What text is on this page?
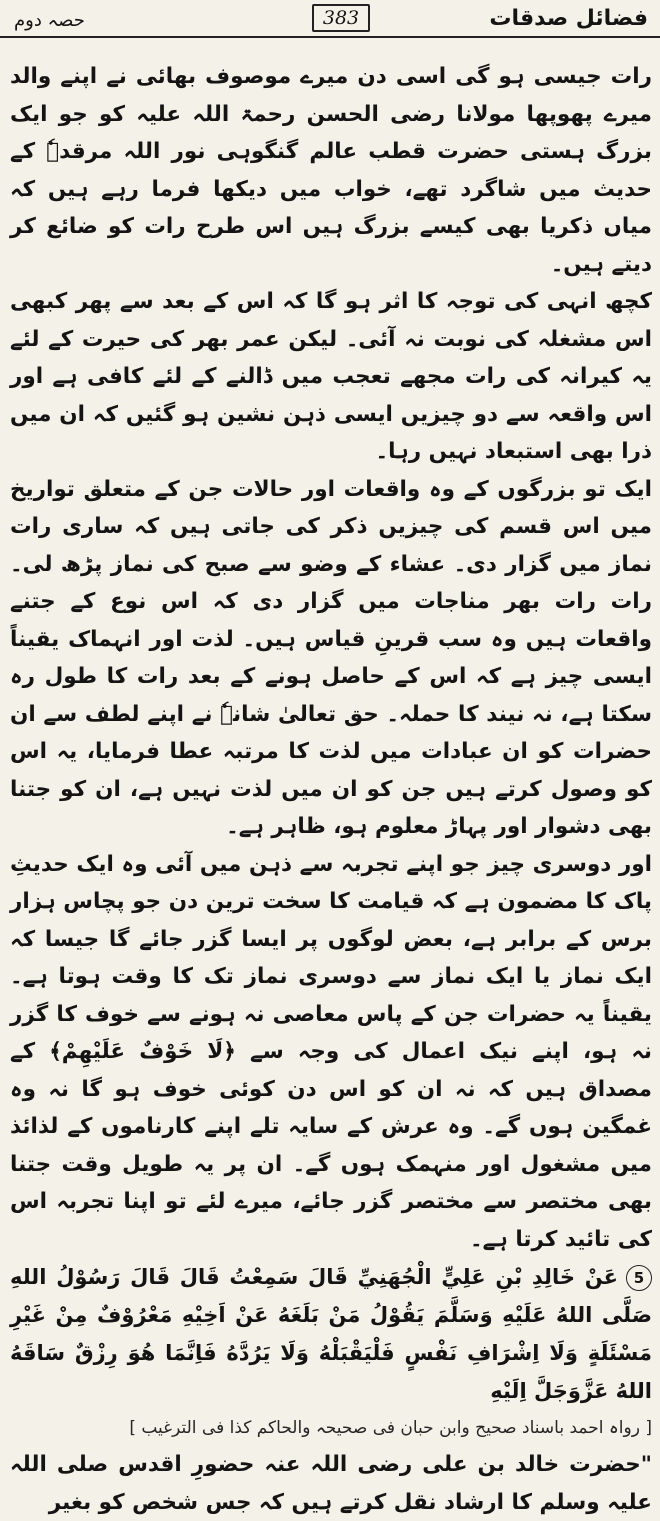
فضائل صدقات
383
حصہ دوم

رات جیسی ہو گی اسی دن میرے موصوف بھائی نے اپنے والد میرے پھوپھا مولانا رضی الحسن رحمۃ اللہ علیہ کو جو ایک بزرگ ہستی حضرت قطب عالم گنگوہی نور اللہ مرقدہٗ کے حدیث میں شاگرد تھے، خواب میں دیکھا فرما رہے ہیں کہ میاں ذکریا بھی کیسے بزرگ ہیں اس طرح رات کو ضائع کر دیتے ہیں۔

کچھ انہی کی توجہ کا اثر ہو گا کہ اس کے بعد سے پھر کبھی اس مشغلہ کی نوبت نہ آئی۔ لیکن عمر بھر کی حیرت کے لئے یہ کیرانہ کی رات مجھے تعجب میں ڈالنے کے لئے کافی ہے اور اس واقعہ سے دو چیزیں ایسی ذہن نشین ہو گئیں کہ ان میں ذرا بھی استبعاد نہیں رہا۔

ایک تو بزرگوں کے وہ واقعات اور حالات جن کے متعلق تواریخ میں اس قسم کی چیزیں ذکر کی جاتی ہیں کہ ساری رات نماز میں گزار دی۔ عشاء کے وضو سے صبح کی نماز پڑھ لی۔ رات رات بھر مناجات میں گزار دی کہ اس نوع کے جتنے واقعات ہیں وہ سب قرینِ قیاس ہیں۔ لذت اور انہماک یقیناً ایسی چیز ہے کہ اس کے حاصل ہونے کے بعد رات کا طول رہ سکتا ہے، نہ نیند کا حملہ۔ حق تعالیٰ شانہٗ نے اپنے لطف سے ان حضرات کو ان عبادات میں لذت کا مرتبہ عطا فرمایا، یہ اس کو وصول کرتے ہیں جن کو ان میں لذت نہیں ہے، ان کو جتنا بھی دشوار اور پہاڑ معلوم ہو، ظاہر ہے۔

اور دوسری چیز جو اپنے تجربہ سے ذہن میں آئی وہ ایک حدیثِ پاک کا مضمون ہے کہ قیامت کا سخت ترین دن جو پچاس ہزار برس کے برابر ہے، بعض لوگوں پر ایسا گزر جائے گا جیسا کہ ایک نماز یا ایک نماز سے دوسری نماز تک کا وقت ہوتا ہے۔ یقیناً یہ حضرات جن کے پاس معاصی نہ ہونے سے خوف کا گزر نہ ہو، اپنے نیک اعمال کی وجہ سے ﴿لَا خَوْفٌ عَلَيْهِمْ﴾ کے مصداق ہیں کہ نہ ان کو اس دن کوئی خوف ہو گا نہ وہ غمگین ہوں گے۔ وہ عرش کے سایہ تلے اپنے کارناموں کے لذائذ میں مشغول اور منہمک ہوں گے۔ ان پر یہ طویل وقت جتنا بھی مختصر سے مختصر گزر جائے، میرے لئے تو اپنا تجربہ اس کی تائید کرتا ہے۔

5عَنْ خَالِدِ بْنِ عَلِيٍّ الْجُهَنِيِّ قَالَ سَمِعْتُ قَالَ قَالَ رَسُوْلُ اللهِ صَلَّى اللهُ عَلَيْهِ وَسَلَّمَ يَقُوْلُ مَنْ بَلَغَهُ عَنْ اَخِيْهِ مَعْرُوْفٌ مِنْ غَيْرِ مَسْئَلَةٍ وَلَا اِشْرَافِ نَفْسٍ فَلْيَقْبَلْهُ وَلَا يَرُدَّهُ فَاِنَّمَا هُوَ رِزْقٌ سَاقَهُ اللهُ عَزَّوَجَلَّ اِلَيْهِ

[ رواہ احمد باسناد صحیح وابن حبان فی صحیحہ والحاکم کذا فی الترغیب ]

"حضرت خالد بن علی رضی اللہ عنہ حضورِ اقدس صلی اللہ علیہ وسلم کا ارشاد نقل کرتے ہیں کہ جس شخص کو بغیر
